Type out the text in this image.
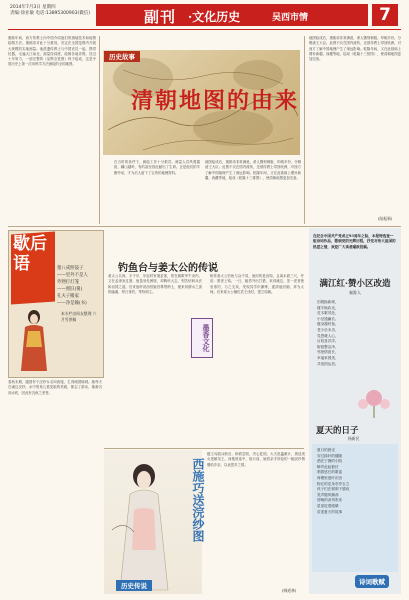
2014年7月3日 星期四
责编:徐亚敏 电话:13895300903(微信)	副刊 ·文化历史	吴西市情	7
康熙年间，西方传教士向中国介绍他们的测地技术和地图绘制方法。康熙帝对此十分重视，决定在全国范围内开展大规模的实地测量。他派遣传教士与中国官员一起，携带仪器，走遍大江南北，测量经纬度，绘制各地详图。经过十年努力，一部完整的《皇舆全览图》终于绘成，这是中国历史上第一次用科学方法测绘的全国地图。
清朝地图的由来
历史故事
在当时的条件下，测绘工作十分艰苦。测量人员风餐露宿，翻山越岭，有的甚至因此献出了生命。正是他们的辛勤劳动，才为后人留下了宝贵的地理资料。
地图绘成后，康熙帝非常满意，命人镌刻铜版，印刷多份，分赐诸王大臣。此图不仅在国内流传，还被传教士带回欧洲，对西方了解中国地理产生了深远影响。乾隆年间，又在此基础上增补新疆、西藏等地，绘成《乾隆十三排图》，使清朝地图更加完备。
地图绘成后，康熙帝非常满意，命人镌刻铜版，印刷多份，分赐诸王大臣。此图不仅在国内流传，还被传教士带回欧洲，对西方了解中国地理产生了深远影响。乾隆年间，又在此基础上增补新疆、西藏等地，绘成《乾隆十三排图》，使清朝地图更加完备。
(陆振新)
歇后语	猪八戒照镜子
——里外不是人
外甥打灯笼
——照旧(舅)
孔夫子搬家
——净是输(书)
本专栏由网友整理 六月雪供稿
钓鱼台与姜太公的传说
姜太公名尚，字子牙，年轻时家境贫寒，曾在朝歌宰牛卖肉，又在孟津卖过酒。他虽身处困境，却胸怀大志，刻苦钻研兵法和治国之道。后来他听说西伯姬昌尊贤纳士，便来到渭水之滨的磻溪，每日垂钓，等待明主。
墨香文化
相传姜太公钓鱼与众不同，他用的是直钩，且离水面三尺，并说：愿者上钩。一日，姬昌外出打猎，来到溪边，见一老者独坐垂钓，与之交谈，发现其学识渊博，遂请他回朝，拜为太师。后来姜太公辅佐武王伐纣，建立周朝。
春秋末期，越国有个浣纱女名叫西施，生得倾国倾城。她每天在溪边浣纱，水中的鱼儿看见她的美貌，都忘了游动，渐渐沉到水底，因此有沉鱼之美誉。
西施巧送浣纱图
历史传说
越王勾践兵败后，卧薪尝胆，决心复国。大夫范蠡献计，挑选美女进献吴王。西施被选中，临行前，她将亲手所绘的一幅浣纱图赠给乡亲，以表思乡之情。
(韩道林)
在纪念中国共产党成立93周年之际，本报特选登一组诗词作品，歌颂党的光辉历程，抒发对伟大祖国的热爱之情，欢迎广大读者踊跃投稿。
满江红·赞小区改造
秦淮人
旧貌换新颜，
楼宇焕彩光，
花木繁茂处，
小径通幽长。
健身器材备，
老少乐未央，
党恩暖人心，
百姓喜洋洋。
街巷整洁净，
邻里情谊长，
幸福家园美，
共祝国运昌。
夏天的日子
杨新民
夏日的晨光
穿过绿叶的缝隙
洒在宁静的小院
蝉声此起彼伏
唱着悠长的歌谣
荷塘里莲叶田田
粉红的花朵亭亭玉立
孩子们在树荫下嬉戏
笑声随风飘荡
傍晚的凉风吹来
星星眨着眼睛
讲述夏天的故事
诗词歌赋
